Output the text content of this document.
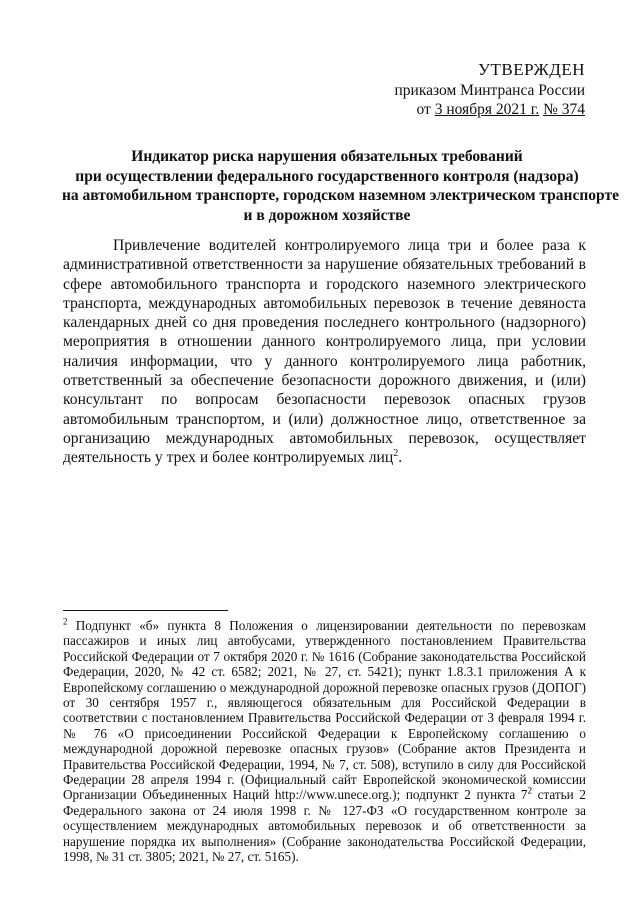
УТВЕРЖДЕН
приказом Минтранса России
от 3 ноября 2021 г. № 374
Индикатор риска нарушения обязательных требований
при осуществлении федерального государственного контроля (надзора)
на автомобильном транспорте, городском наземном электрическом транспорте
и в дорожном хозяйстве
Привлечение водителей контролируемого лица три и более раза к административной ответственности за нарушение обязательных требований в сфере автомобильного транспорта и городского наземного электрического транспорта, международных автомобильных перевозок в течение девяноста календарных дней со дня проведения последнего контрольного (надзорного) мероприятия в отношении данного контролируемого лица, при условии наличия информации, что у данного контролируемого лица работник, ответственный за обеспечение безопасности дорожного движения, и (или) консультант по вопросам безопасности перевозок опасных грузов автомобильным транспортом, и (или) должностное лицо, ответственное за организацию международных автомобильных перевозок, осуществляет деятельность у трех и более контролируемых лиц$^2$.
$^2$ Подпункт «б» пункта 8 Положения о лицензировании деятельности по перевозкам пассажиров и иных лиц автобусами, утвержденного постановлением Правительства Российской Федерации от 7 октября 2020 г. № 1616 (Собрание законодательства Российской Федерации, 2020, № 42 ст. 6582; 2021, № 27, ст. 5421); пункт 1.8.3.1 приложения А к Европейскому соглашению о международной дорожной перевозке опасных грузов (ДОПОГ) от 30 сентября 1957 г., являющегося обязательным для Российской Федерации в соответствии с постановлением Правительства Российской Федерации от 3 февраля 1994 г. № 76 «О присоединении Российской Федерации к Европейскому соглашению о международной дорожной перевозке опасных грузов» (Собрание актов Президента и Правительства Российской Федерации, 1994, № 7, ст. 508), вступило в силу для Российской Федерации 28 апреля 1994 г. (Официальный сайт Европейской экономической комиссии Организации Объединенных Наций http://www.unece.org.); подпункт 2 пункта $7^2$ статьи 2 Федерального закона от 24 июля 1998 г. № 127-ФЗ «О государственном контроле за осуществлением международных автомобильных перевозок и об ответственности за нарушение порядка их выполнения» (Собрание законодательства Российской Федерации, 1998, № 31 ст. 3805; 2021, № 27, ст. 5165).
